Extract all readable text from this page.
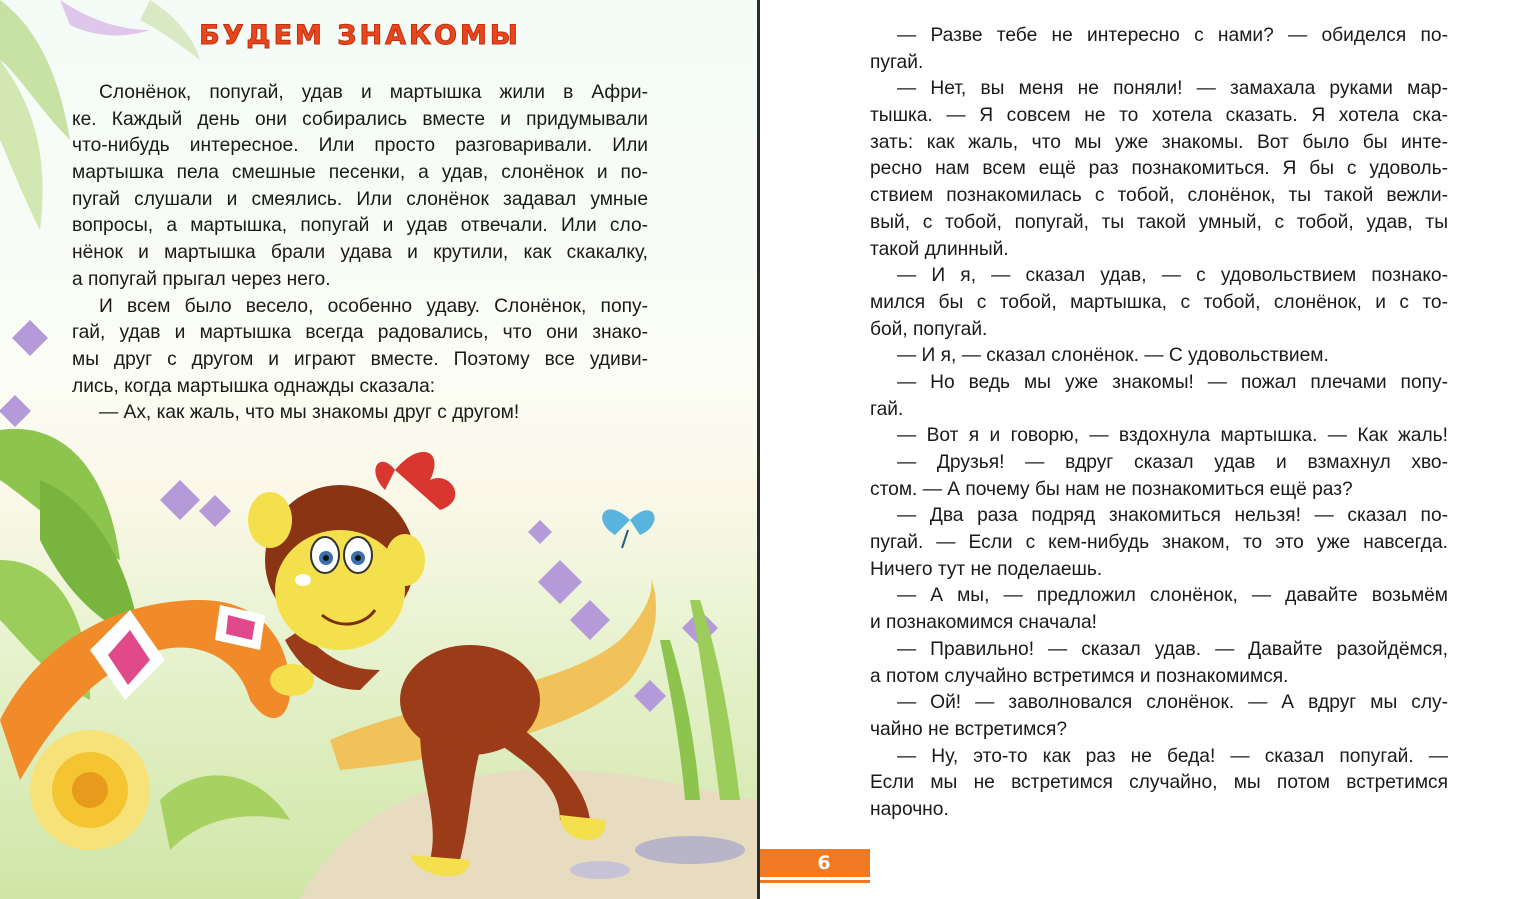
БУДЕМ ЗНАКОМЫ
Слонёнок, попугай, удав и мартышка жили в Афри-
ке. Каждый день они собирались вместе и придумывали
что-нибудь интересное. Или просто разговаривали. Или
мартышка пела смешные песенки, а удав, слонёнок и по-
пугай слушали и смеялись. Или слонёнок задавал умные
вопросы, а мартышка, попугай и удав отвечали. Или сло-
нёнок и мартышка брали удава и крутили, как скакалку,
а попугай прыгал через него.
И всем было весело, особенно удаву. Слонёнок, попу-
гай, удав и мартышка всегда радовались, что они знако-
мы друг с другом и играют вместе. Поэтому все удиви-
лись, когда мартышка однажды сказала:
— Ах, как жаль, что мы знакомы друг с другом!
— Разве тебе не интересно с нами? — обиделся по-
пугай.
— Нет, вы меня не поняли! — замахала руками мар-
тышка. — Я совсем не то хотела сказать. Я хотела ска-
зать: как жаль, что мы уже знакомы. Вот было бы инте-
ресно нам всем ещё раз познакомиться. Я бы с удоволь-
ствием познакомилась с тобой, слонёнок, ты такой вежли-
вый, с тобой, попугай, ты такой умный, с тобой, удав, ты
такой длинный.
— И я, — сказал удав, — с удовольствием познако-
мился бы с тобой, мартышка, с тобой, слонёнок, и с то-
бой, попугай.
— И я, — сказал слонёнок. — С удовольствием.
— Но ведь мы уже знакомы! — пожал плечами попу-
гай.
— Вот я и говорю, — вздохнула мартышка. — Как жаль!
— Друзья! — вдруг сказал удав и взмахнул хво-
стом. — А почему бы нам не познакомиться ещё раз?
— Два раза подряд знакомиться нельзя! — сказал по-
пугай. — Если с кем-нибудь знаком, то это уже навсегда.
Ничего тут не поделаешь.
— А мы, — предложил слонёнок, — давайте возьмём
и познакомимся сначала!
— Правильно! — сказал удав. — Давайте разойдёмся,
а потом случайно встретимся и познакомимся.
— Ой! — заволновался слонёнок. — А вдруг мы слу-
чайно не встретимся?
— Ну, это-то как раз не беда! — сказал попугай. —
Если мы не встретимся случайно, мы потом встретимся
нарочно.
6
